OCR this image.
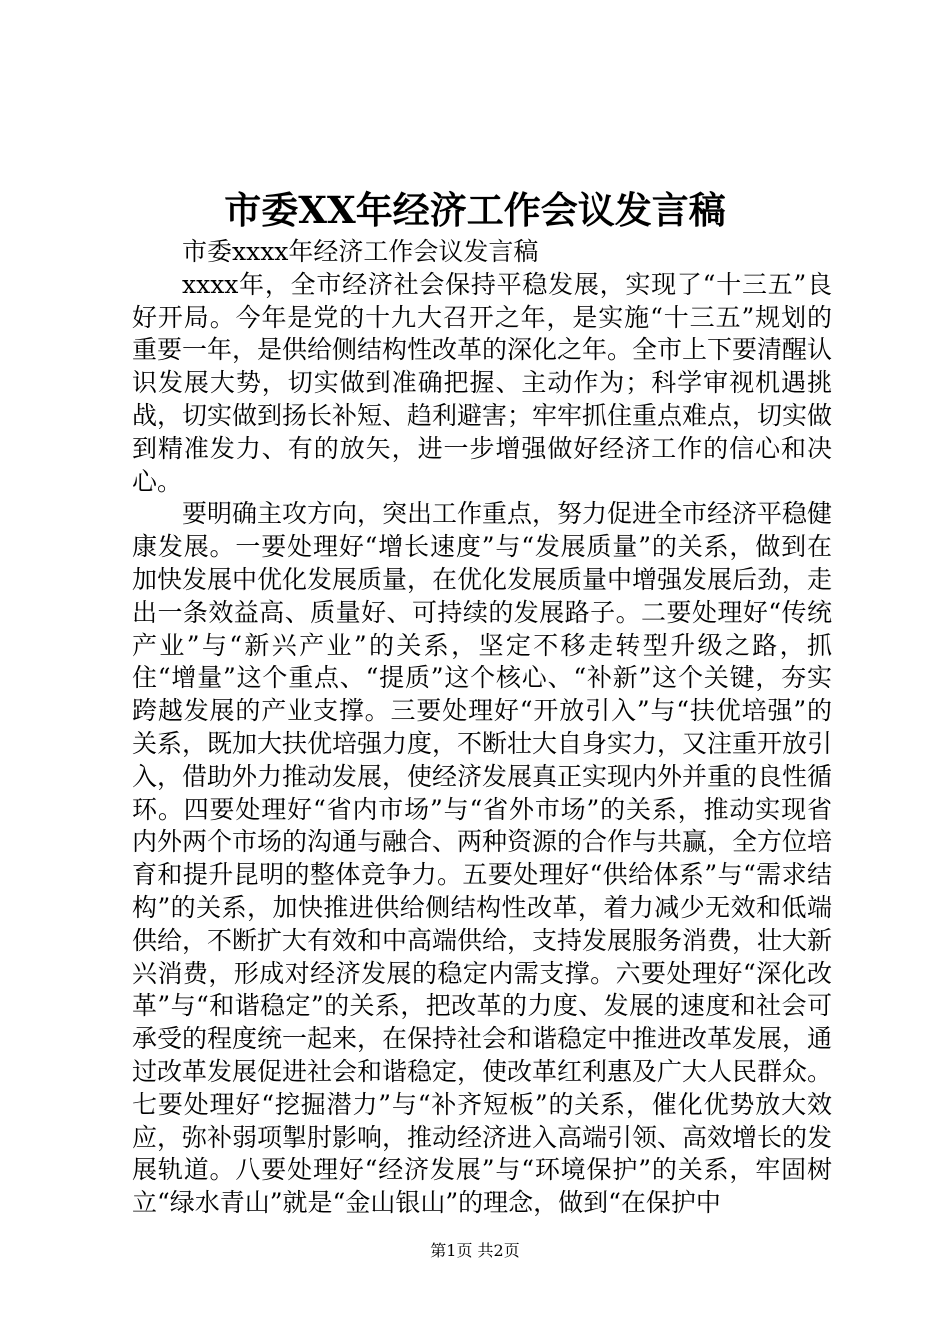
市委XX年经济工作会议发言稿

市委xxxx年经济工作会议发言稿

xxxx年，全市经济社会保持平稳发展，实现了“十三五”良好开局。今年是党的十九大召开之年，是实施“十三五”规划的重要一年，是供给侧结构性改革的深化之年。全市上下要清醒认识发展大势，切实做到准确把握、主动作为；科学审视机遇挑战，切实做到扬长补短、趋利避害；牢牢抓住重点难点，切实做到精准发力、有的放矢，进一步增强做好经济工作的信心和决心。

要明确主攻方向，突出工作重点，努力促进全市经济平稳健康发展。一要处理好“增长速度”与“发展质量”的关系，做到在加快发展中优化发展质量，在优化发展质量中增强发展后劲，走出一条效益高、质量好、可持续的发展路子。二要处理好“传统产业”与“新兴产业”的关系，坚定不移走转型升级之路，抓住“增量”这个重点、“提质”这个核心、“补新”这个关键，夯实跨越发展的产业支撑。三要处理好“开放引入”与“扶优培强”的关系，既加大扶优培强力度，不断壮大自身实力，又注重开放引入，借助外力推动发展，使经济发展真正实现内外并重的良性循环。四要处理好“省内市场”与“省外市场”的关系，推动实现省内外两个市场的沟通与融合、两种资源的合作与共赢，全方位培育和提升昆明的整体竞争力。五要处理好“供给体系”与“需求结构”的关系，加快推进供给侧结构性改革，着力减少无效和低端供给，不断扩大有效和中高端供给，支持发展服务消费，壮大新兴消费，形成对经济发展的稳定内需支撑。六要处理好“深化改革”与“和谐稳定”的关系，把改革的力度、发展的速度和社会可承受的程度统一起来，在保持社会和谐稳定中推进改革发展，通过改革发展促进社会和谐稳定，使改革红利惠及广大人民群众。七要处理好“挖掘潜力”与“补齐短板”的关系，催化优势放大效应，弥补弱项掣肘影响，推动经济进入高端引领、高效增长的发展轨道。八要处理好“经济发展”与“环境保护”的关系，牢固树立“绿水青山”就是“金山银山”的理念，做到“在保护中

第1页 共2页
